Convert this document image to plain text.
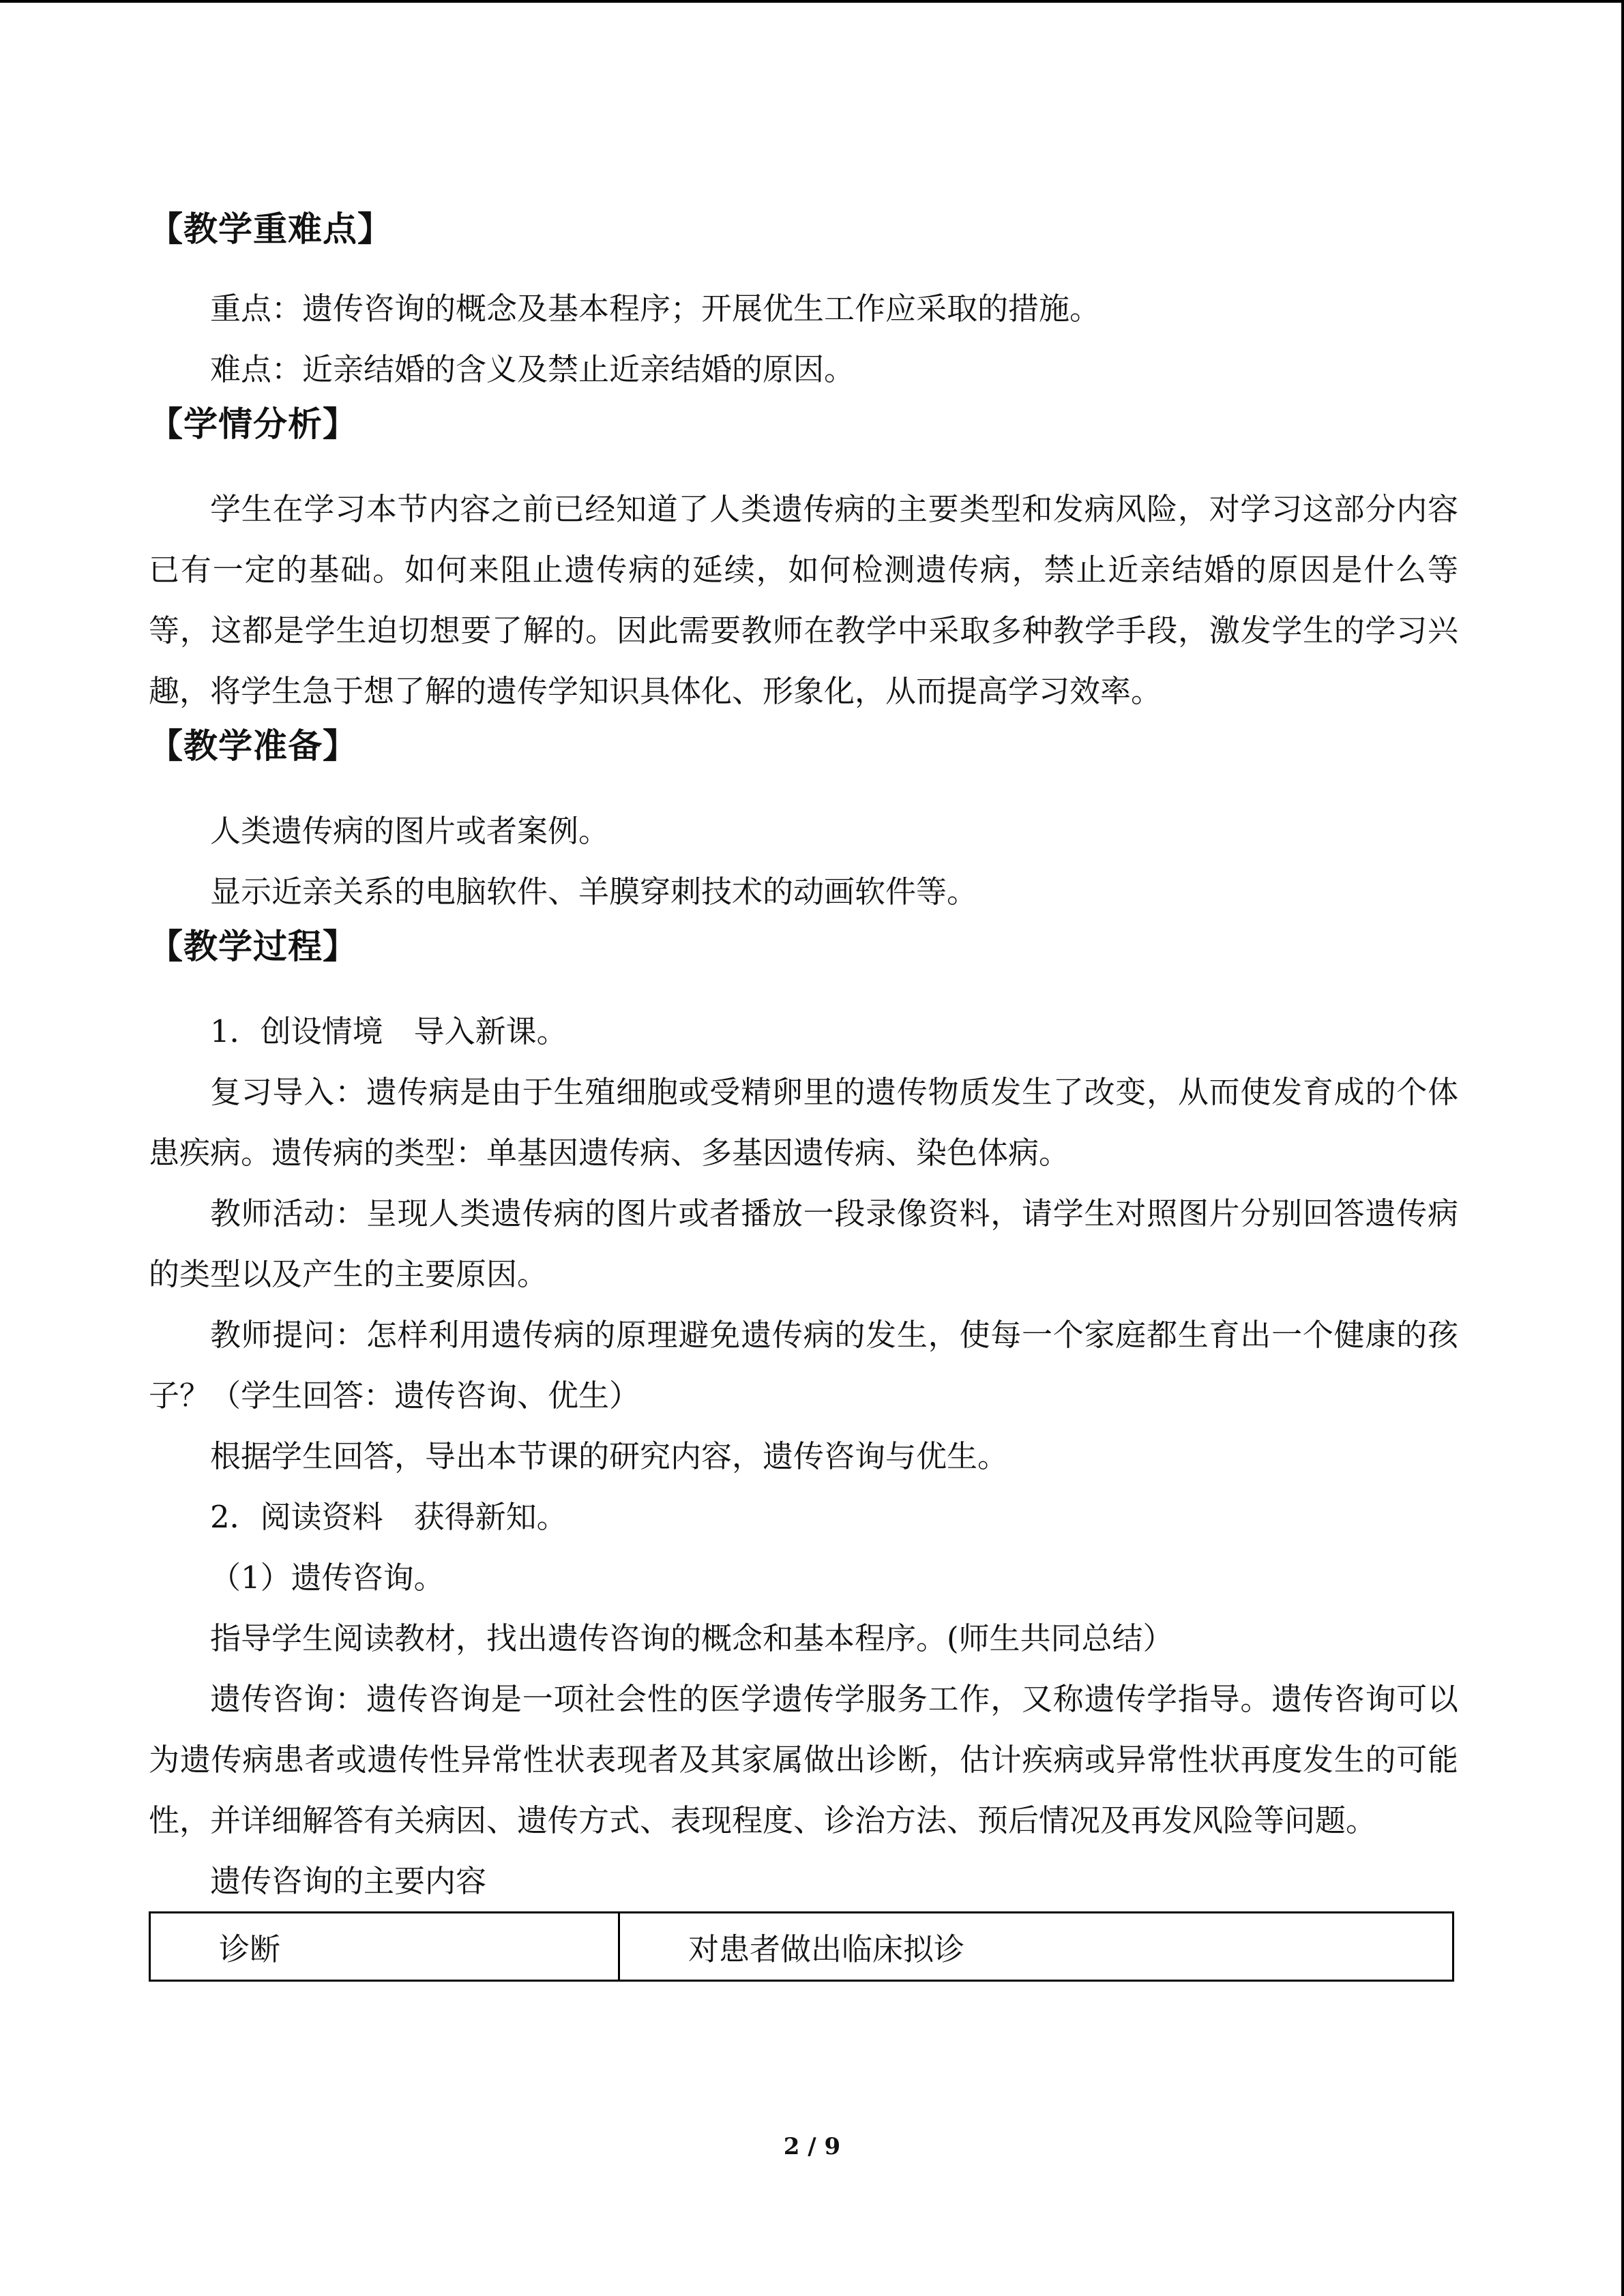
【教学重难点】

重点：遗传咨询的概念及基本程序；开展优生工作应采取的措施。

难点：近亲结婚的含义及禁止近亲结婚的原因。

【学情分析】

学生在学习本节内容之前已经知道了人类遗传病的主要类型和发病风险，对学习这部分内容已有一定的基础。如何来阻止遗传病的延续，如何检测遗传病，禁止近亲结婚的原因是什么等等，这都是学生迫切想要了解的。因此需要教师在教学中采取多种教学手段，激发学生的学习兴趣，将学生急于想了解的遗传学知识具体化、形象化，从而提高学习效率。

【教学准备】

人类遗传病的图片或者案例。

显示近亲关系的电脑软件、羊膜穿刺技术的动画软件等。

【教学过程】

1．创设情境　导入新课。

复习导入：遗传病是由于生殖细胞或受精卵里的遗传物质发生了改变，从而使发育成的个体患疾病。遗传病的类型：单基因遗传病、多基因遗传病、染色体病。

教师活动：呈现人类遗传病的图片或者播放一段录像资料，请学生对照图片分别回答遗传病的类型以及产生的主要原因。

教师提问：怎样利用遗传病的原理避免遗传病的发生，使每一个家庭都生育出一个健康的孩子？（学生回答：遗传咨询、优生）

根据学生回答，导出本节课的研究内容，遗传咨询与优生。

2．阅读资料　获得新知。

（1）遗传咨询。

指导学生阅读教材，找出遗传咨询的概念和基本程序。(师生共同总结）

遗传咨询：遗传咨询是一项社会性的医学遗传学服务工作，又称遗传学指导。遗传咨询可以为遗传病患者或遗传性异常性状表现者及其家属做出诊断，估计疾病或异常性状再度发生的可能性，并详细解答有关病因、遗传方式、表现程度、诊治方法、预后情况及再发风险等问题。

遗传咨询的主要内容

诊断	对患者做出临床拟诊
2 / 9
